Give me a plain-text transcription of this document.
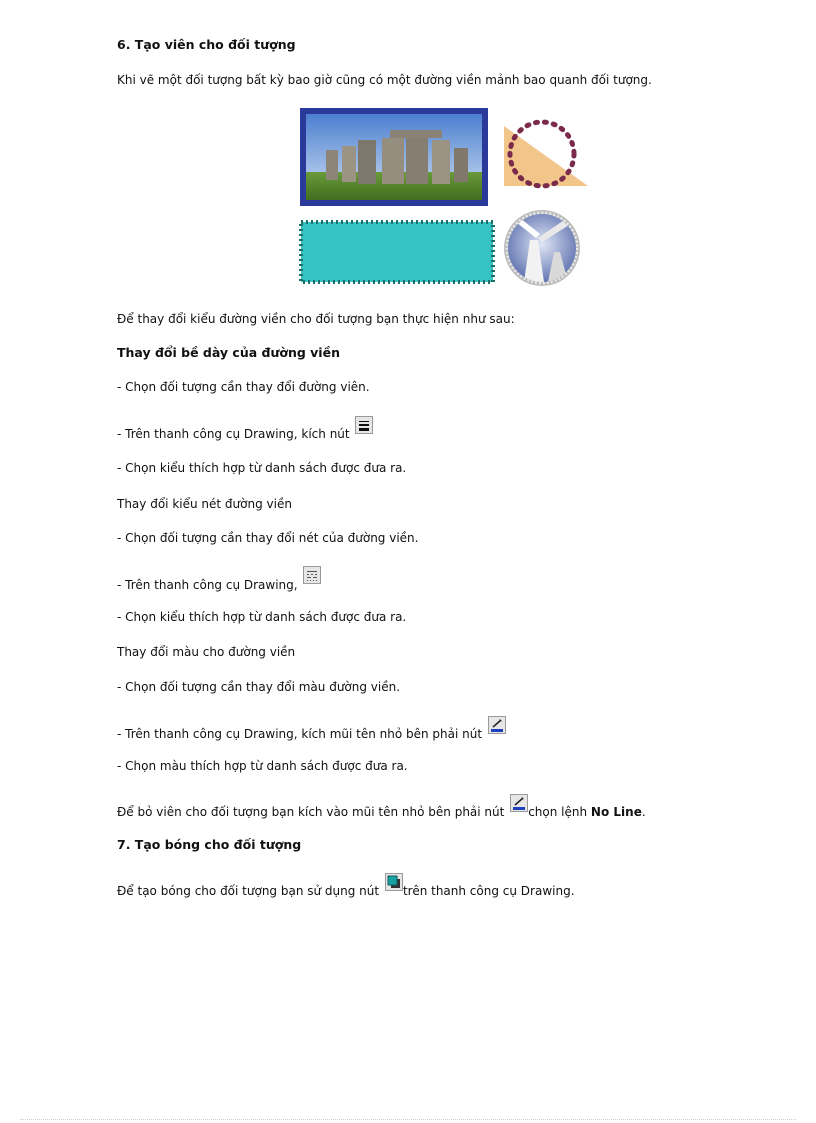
6. Tạo viên cho đối tượng
Khi vẽ một đối tượng bất kỳ bao giờ cũng có một đường viền mảnh bao quanh đối tượng.
Để thay đổi kiểu đường viền cho đối tượng bạn thực hiện như sau:
Thay đổi bề dày của đường viền
- Chọn đối tượng cần thay đổi đường viên.
- Trên thanh công cụ Drawing, kích nút
- Chọn kiểu thích hợp từ danh sách được đưa ra.
Thay đổi kiểu nét đường viền
- Chọn đối tượng cần thay đổi nét của đường viền.
- Trên thanh công cụ Drawing,
- Chọn kiểu thích hợp từ danh sách được đưa ra.
Thay đổi màu cho đường viền
- Chọn đối tượng cần thay đổi màu đường viền.
- Trên thanh công cụ Drawing, kích mũi tên nhỏ bên phải nút
- Chọn màu thích hợp từ danh sách được đưa ra.
Để bỏ viên cho đối tượng bạn kích vào mũi tên nhỏ bên phải nút chọn lệnh No Line.
7. Tạo bóng cho đối tượng
Để tạo bóng cho đối tượng bạn sử dụng nút trên thanh công cụ Drawing.
